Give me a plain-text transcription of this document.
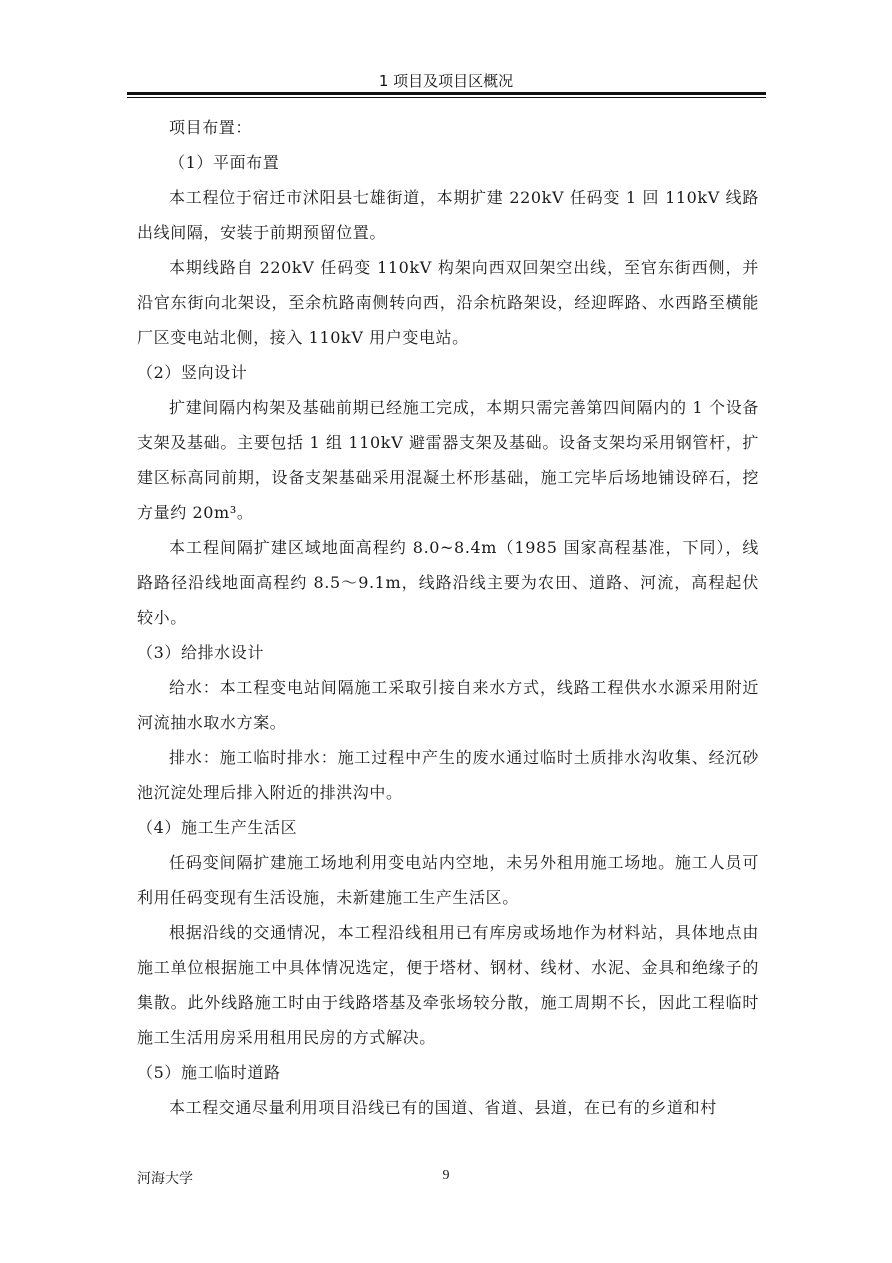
1 项目及项目区概况

项目布置：

（1）平面布置

本工程位于宿迁市沭阳县七雄街道，本期扩建 220kV 任码变 1 回 110kV 线路出线间隔，安装于前期预留位置。

本期线路自 220kV 任码变 110kV 构架向西双回架空出线，至官东街西侧，并沿官东街向北架设，至余杭路南侧转向西，沿余杭路架设，经迎晖路、水西路至横能厂区变电站北侧，接入 110kV 用户变电站。

（2）竖向设计

扩建间隔内构架及基础前期已经施工完成，本期只需完善第四间隔内的 1 个设备支架及基础。主要包括 1 组 110kV 避雷器支架及基础。设备支架均采用钢管杆，扩建区标高同前期，设备支架基础采用混凝土杯形基础，施工完毕后场地铺设碎石，挖方量约 20m³。

本工程间隔扩建区域地面高程约 8.0~8.4m（1985 国家高程基准，下同），线路路径沿线地面高程约 8.5～9.1m，线路沿线主要为农田、道路、河流，高程起伏较小。

（3）给排水设计

给水：本工程变电站间隔施工采取引接自来水方式，线路工程供水水源采用附近河流抽水取水方案。

排水：施工临时排水：施工过程中产生的废水通过临时土质排水沟收集、经沉砂池沉淀处理后排入附近的排洪沟中。

（4）施工生产生活区

任码变间隔扩建施工场地利用变电站内空地，未另外租用施工场地。施工人员可利用任码变现有生活设施，未新建施工生产生活区。

根据沿线的交通情况，本工程沿线租用已有库房或场地作为材料站，具体地点由施工单位根据施工中具体情况选定，便于塔材、钢材、线材、水泥、金具和绝缘子的集散。此外线路施工时由于线路塔基及牵张场较分散，施工周期不长，因此工程临时施工生活用房采用租用民房的方式解决。

（5）施工临时道路

本工程交通尽量利用项目沿线已有的国道、省道、县道，在已有的乡道和村

河海大学	9
